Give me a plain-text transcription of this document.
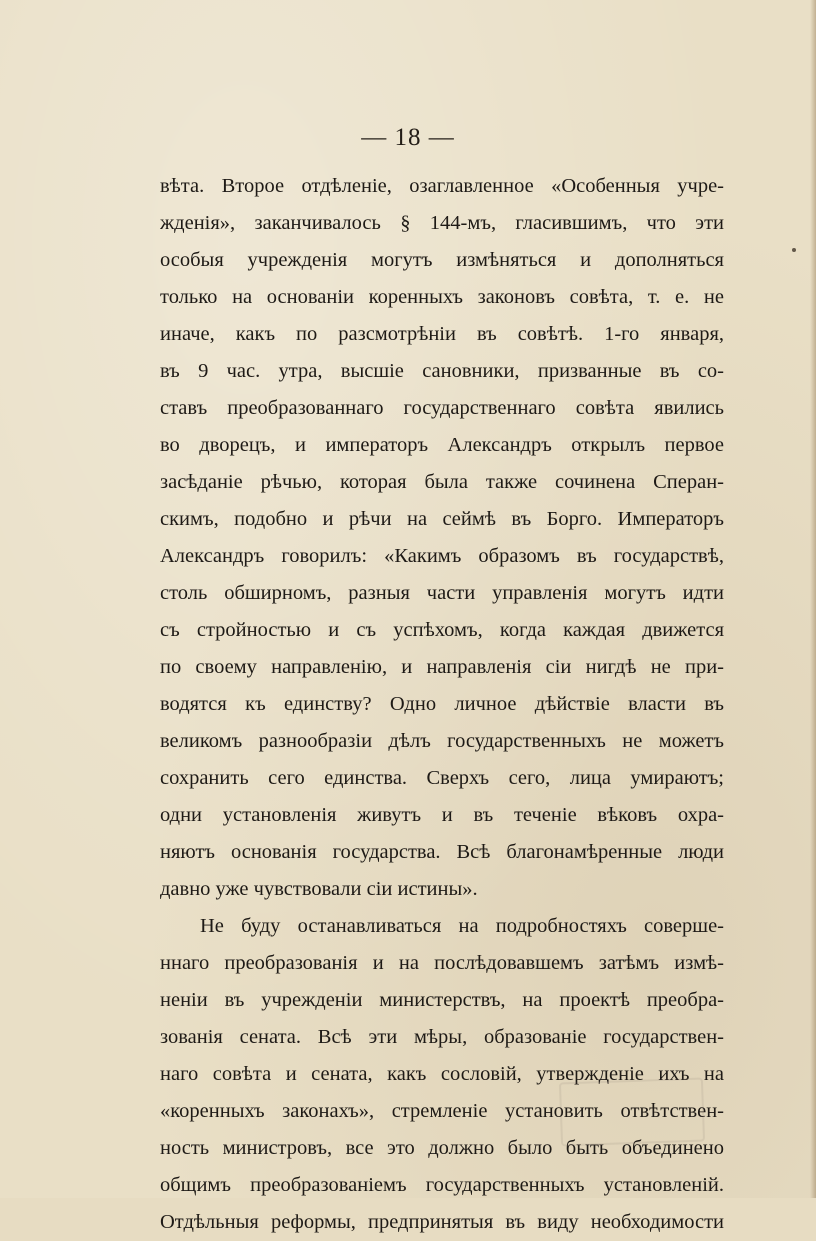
— 18 —
вѣта. Второе отдѣленіе, озаглавленное «Особенныя учре-
жденія», заканчивалось § 144-мъ, гласившимъ, что эти
особыя учрежденія могутъ измѣняться и дополняться
только на основаніи коренныхъ законовъ совѣта, т. е. не
иначе, какъ по разсмотрѣніи въ совѣтѣ. 1-го января,
въ 9 час. утра, высшіе сановники, призванные въ со-
ставъ преобразованнаго государственнаго совѣта явились
во дворецъ, и императоръ Александръ открылъ первое
засѣданіе рѣчью, которая была также сочинена Сперан-
скимъ, подобно и рѣчи на сеймѣ въ Борго. Императоръ
Александръ говорилъ: «Какимъ образомъ въ государствѣ,
столь обширномъ, разныя части управленія могутъ идти
съ стройностью и съ успѣхомъ, когда каждая движется
по своему направленію, и направленія сіи нигдѣ не при-
водятся къ единству? Одно личное дѣйствіе власти въ
великомъ разнообразіи дѣлъ государственныхъ не можетъ
сохранить сего единства. Сверхъ сего, лица умираютъ;
одни установленія живутъ и въ теченіе вѣковъ охра-
няютъ основанія государства. Всѣ благонамѣренные люди
давно уже чувствовали сіи истины».
Не буду останавливаться на подробностяхъ соверше-
ннаго преобразованія и на послѣдовавшемъ затѣмъ измѣ-
неніи въ учрежденіи министерствъ, на проектѣ преобра-
зованія сената. Всѣ эти мѣры, образованіе государствен-
наго совѣта и сената, какъ сословій, утвержденіе ихъ на
«коренныхъ законахъ», стремленіе установить отвѣтствен-
ность министровъ, все это должно было быть объединено
общимъ преобразованіемъ государственныхъ установленій.
Отдѣльныя реформы, предпринятыя въ виду необходимости
